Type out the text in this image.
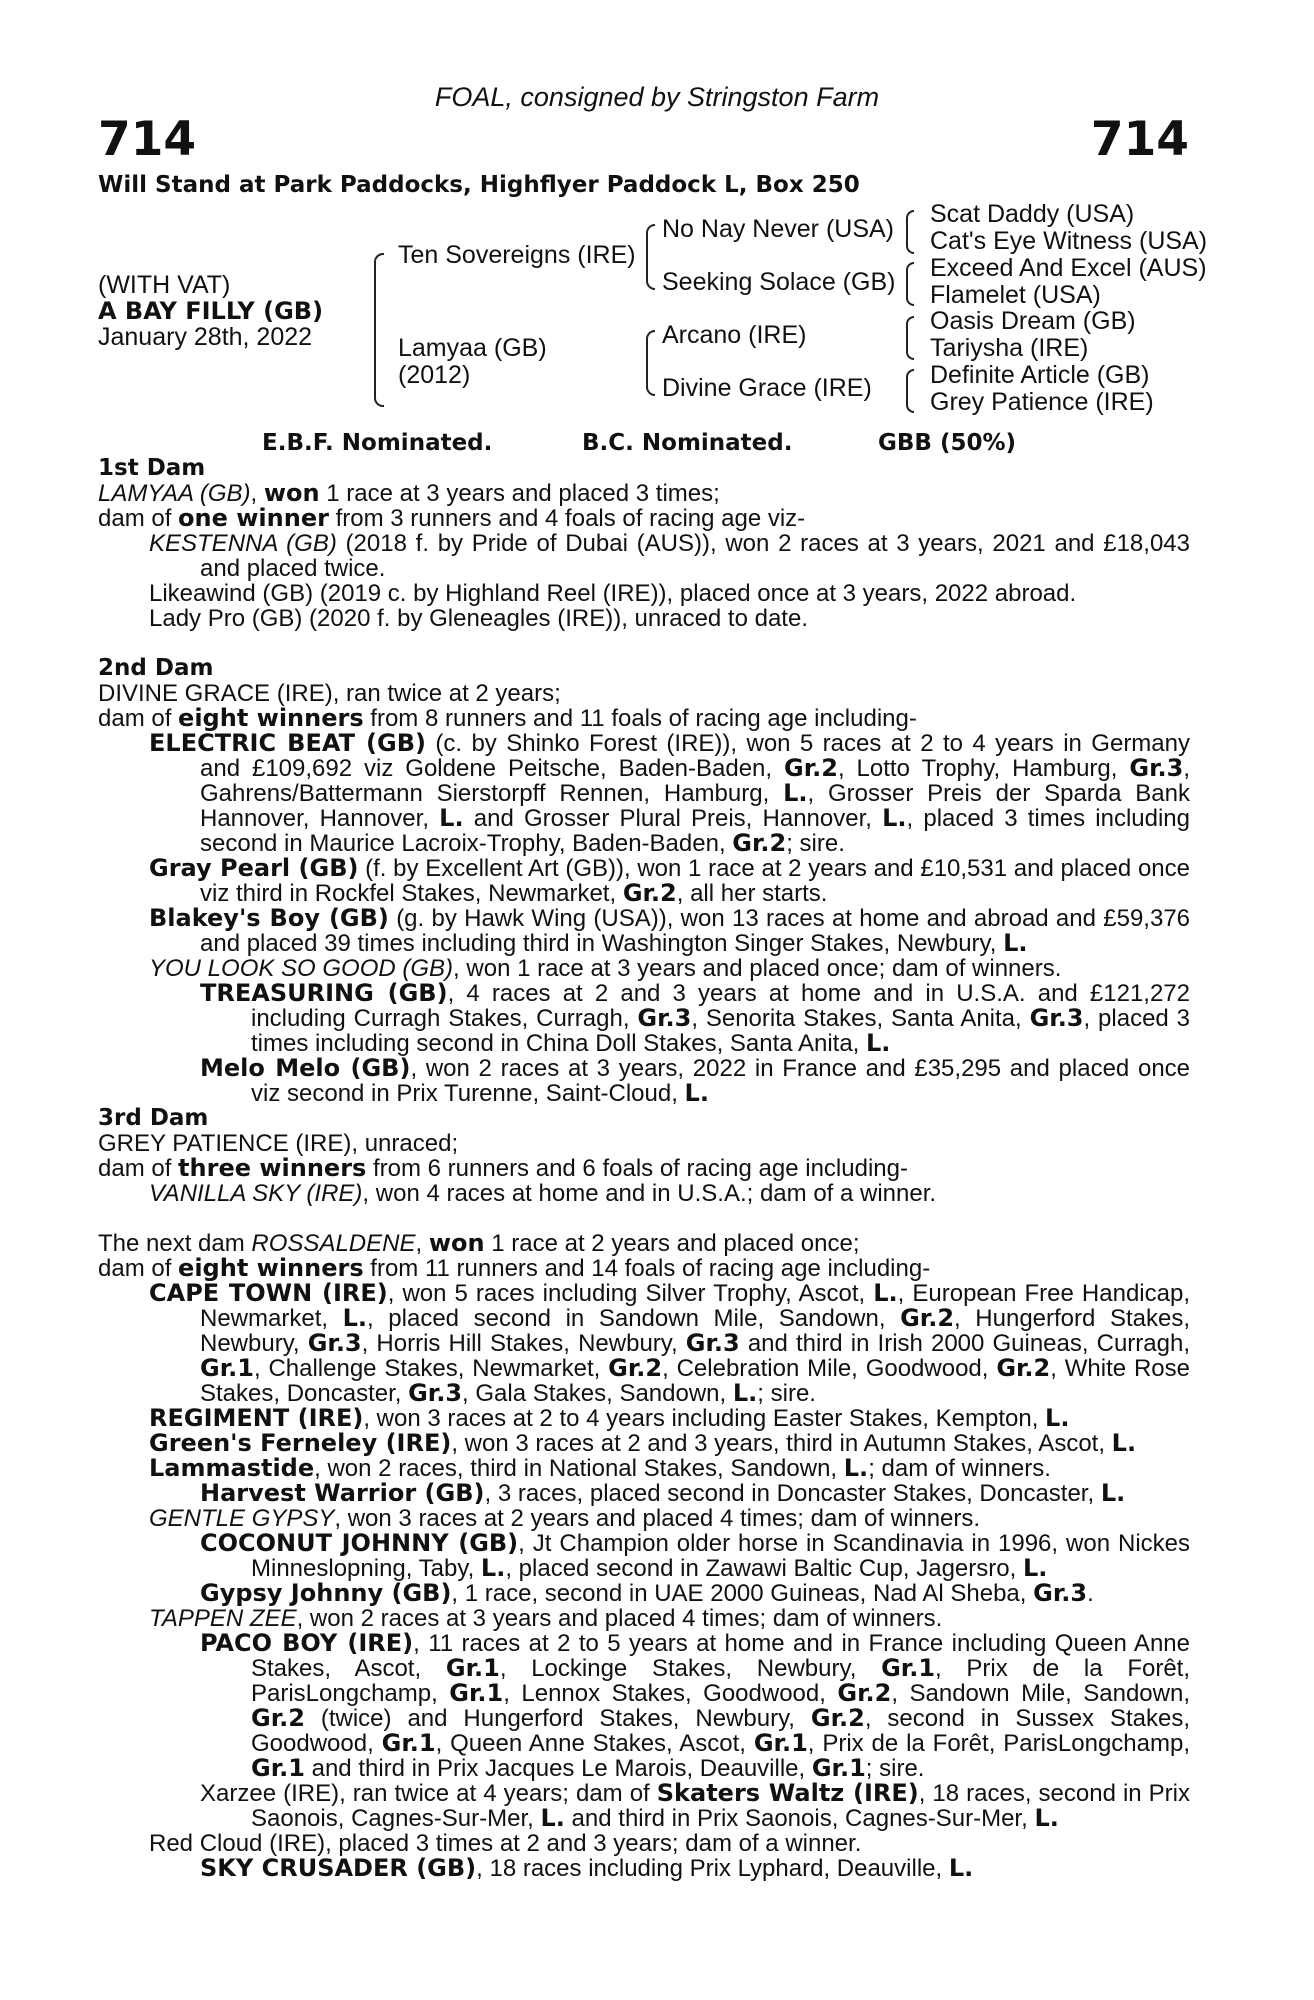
FOAL, consigned by Stringston Farm
714	714
Will Stand at Park Paddocks, Highflyer Paddock L, Box 250
(WITH VAT)
A BAY FILLY (GB)
January 28th, 2022
Ten Sovereigns (IRE)
Lamyaa (GB)
(2012)
No Nay Never (USA)
Seeking Solace (GB)
Arcano (IRE)
Divine Grace (IRE)
Scat Daddy (USA)
Cat's Eye Witness (USA)
Exceed And Excel (AUS)
Flamelet (USA)
Oasis Dream (GB)
Tariysha (IRE)
Definite Article (GB)
Grey Patience (IRE)
E.B.F. Nominated.	B.C. Nominated.	GBB (50%)
1st Dam
LAMYAA (GB), won 1 race at 3 years and placed 3 times;
dam of one winner from 3 runners and 4 foals of racing age viz-
KESTENNA (GB) (2018 f. by Pride of Dubai (AUS)), won 2 races at 3 years, 2021 and £18,043 and placed twice.
Likeawind (GB) (2019 c. by Highland Reel (IRE)), placed once at 3 years, 2022 abroad.
Lady Pro (GB) (2020 f. by Gleneagles (IRE)), unraced to date.
2nd Dam
DIVINE GRACE (IRE), ran twice at 2 years;
dam of eight winners from 8 runners and 11 foals of racing age including-
ELECTRIC BEAT (GB) (c. by Shinko Forest (IRE)), won 5 races at 2 to 4 years in Germany and £109,692 viz Goldene Peitsche, Baden-Baden, Gr.2, Lotto Trophy, Hamburg, Gr.3, Gahrens/Battermann Sierstorpff Rennen, Hamburg, L., Grosser Preis der Sparda Bank Hannover, Hannover, L. and Grosser Plural Preis, Hannover, L., placed 3 times including second in Maurice Lacroix-Trophy, Baden-Baden, Gr.2; sire.
Gray Pearl (GB) (f. by Excellent Art (GB)), won 1 race at 2 years and £10,531 and placed once viz third in Rockfel Stakes, Newmarket, Gr.2, all her starts.
Blakey's Boy (GB) (g. by Hawk Wing (USA)), won 13 races at home and abroad and £59,376 and placed 39 times including third in Washington Singer Stakes, Newbury, L.
YOU LOOK SO GOOD (GB), won 1 race at 3 years and placed once; dam of winners.
TREASURING (GB), 4 races at 2 and 3 years at home and in U.S.A. and £121,272 including Curragh Stakes, Curragh, Gr.3, Senorita Stakes, Santa Anita, Gr.3, placed 3 times including second in China Doll Stakes, Santa Anita, L.
Melo Melo (GB), won 2 races at 3 years, 2022 in France and £35,295 and placed once viz second in Prix Turenne, Saint-Cloud, L.
3rd Dam
GREY PATIENCE (IRE), unraced;
dam of three winners from 6 runners and 6 foals of racing age including-
VANILLA SKY (IRE), won 4 races at home and in U.S.A.; dam of a winner.
The next dam ROSSALDENE, won 1 race at 2 years and placed once;
dam of eight winners from 11 runners and 14 foals of racing age including-
CAPE TOWN (IRE), won 5 races including Silver Trophy, Ascot, L., European Free Handicap, Newmarket, L., placed second in Sandown Mile, Sandown, Gr.2, Hungerford Stakes, Newbury, Gr.3, Horris Hill Stakes, Newbury, Gr.3 and third in Irish 2000 Guineas, Curragh, Gr.1, Challenge Stakes, Newmarket, Gr.2, Celebration Mile, Goodwood, Gr.2, White Rose Stakes, Doncaster, Gr.3, Gala Stakes, Sandown, L.; sire.
REGIMENT (IRE), won 3 races at 2 to 4 years including Easter Stakes, Kempton, L.
Green's Ferneley (IRE), won 3 races at 2 and 3 years, third in Autumn Stakes, Ascot, L.
Lammastide, won 2 races, third in National Stakes, Sandown, L.; dam of winners.
Harvest Warrior (GB), 3 races, placed second in Doncaster Stakes, Doncaster, L.
GENTLE GYPSY, won 3 races at 2 years and placed 4 times; dam of winners.
COCONUT JOHNNY (GB), Jt Champion older horse in Scandinavia in 1996, won Nickes Minneslopning, Taby, L., placed second in Zawawi Baltic Cup, Jagersro, L.
Gypsy Johnny (GB), 1 race, second in UAE 2000 Guineas, Nad Al Sheba, Gr.3.
TAPPEN ZEE, won 2 races at 3 years and placed 4 times; dam of winners.
PACO BOY (IRE), 11 races at 2 to 5 years at home and in France including Queen Anne Stakes, Ascot, Gr.1, Lockinge Stakes, Newbury, Gr.1, Prix de la Forêt, ParisLongchamp, Gr.1, Lennox Stakes, Goodwood, Gr.2, Sandown Mile, Sandown, Gr.2 (twice) and Hungerford Stakes, Newbury, Gr.2, second in Sussex Stakes, Goodwood, Gr.1, Queen Anne Stakes, Ascot, Gr.1, Prix de la Forêt, ParisLongchamp, Gr.1 and third in Prix Jacques Le Marois, Deauville, Gr.1; sire.
Xarzee (IRE), ran twice at 4 years; dam of Skaters Waltz (IRE), 18 races, second in Prix Saonois, Cagnes-Sur-Mer, L. and third in Prix Saonois, Cagnes-Sur-Mer, L.
Red Cloud (IRE), placed 3 times at 2 and 3 years; dam of a winner.
SKY CRUSADER (GB), 18 races including Prix Lyphard, Deauville, L.
